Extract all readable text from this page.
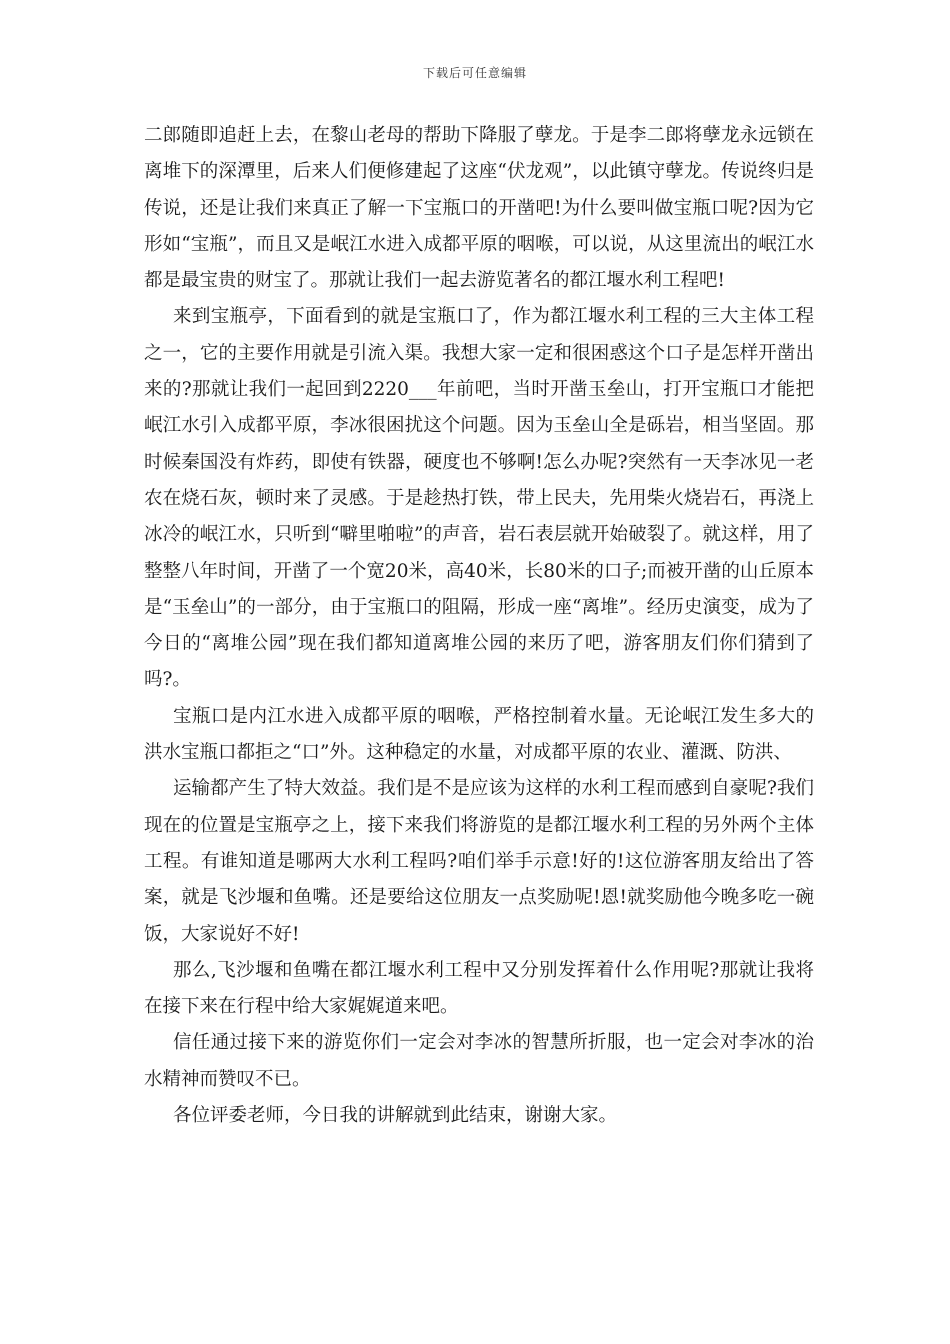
下载后可任意编辑

二郎随即追赶上去，在黎山老母的帮助下降服了孽龙。于是李二郎将孽龙永远锁在离堆下的深潭里，后来人们便修建起了这座“伏龙观”，以此镇守孽龙。传说终归是传说，还是让我们来真正了解一下宝瓶口的开凿吧!为什么要叫做宝瓶口呢?因为它形如“宝瓶”，而且又是岷江水进入成都平原的咽喉，可以说，从这里流出的岷江水都是最宝贵的财宝了。那就让我们一起去游览著名的都江堰水利工程吧!

来到宝瓶亭，下面看到的就是宝瓶口了，作为都江堰水利工程的三大主体工程之一，它的主要作用就是引流入渠。我想大家一定和很困惑这个口子是怎样开凿出来的?那就让我们一起回到2220___年前吧，当时开凿玉垒山，打开宝瓶口才能把岷江水引入成都平原，李冰很困扰这个问题。因为玉垒山全是砾岩，相当坚固。那时候秦国没有炸药，即使有铁器，硬度也不够啊!怎么办呢?突然有一天李冰见一老农在烧石灰，顿时来了灵感。于是趁热打铁，带上民夫，先用柴火烧岩石，再浇上冰冷的岷江水，只听到“噼里啪啦”的声音，岩石表层就开始破裂了。就这样，用了整整八年时间，开凿了一个宽20米，高40米，长80米的口子;而被开凿的山丘原本是“玉垒山”的一部分，由于宝瓶口的阻隔，形成一座“离堆”。经历史演变，成为了今日的“离堆公园”现在我们都知道离堆公园的来历了吧，游客朋友们你们猜到了吗?。

宝瓶口是内江水进入成都平原的咽喉，严格控制着水量。无论岷江发生多大的洪水宝瓶口都拒之“口”外。这种稳定的水量，对成都平原的农业、灌溉、防洪、

运输都产生了特大效益。我们是不是应该为这样的水利工程而感到自豪呢?我们现在的位置是宝瓶亭之上，接下来我们将游览的是都江堰水利工程的另外两个主体工程。有谁知道是哪两大水利工程吗?咱们举手示意!好的!这位游客朋友给出了答案，就是飞沙堰和鱼嘴。还是要给这位朋友一点奖励呢!恩!就奖励他今晚多吃一碗饭，大家说好不好!

那么,飞沙堰和鱼嘴在都江堰水利工程中又分别发挥着什么作用呢?那就让我将在接下来在行程中给大家娓娓道来吧。

信任通过接下来的游览你们一定会对李冰的智慧所折服，也一定会对李冰的治水精神而赞叹不已。

各位评委老师，今日我的讲解就到此结束，谢谢大家。
